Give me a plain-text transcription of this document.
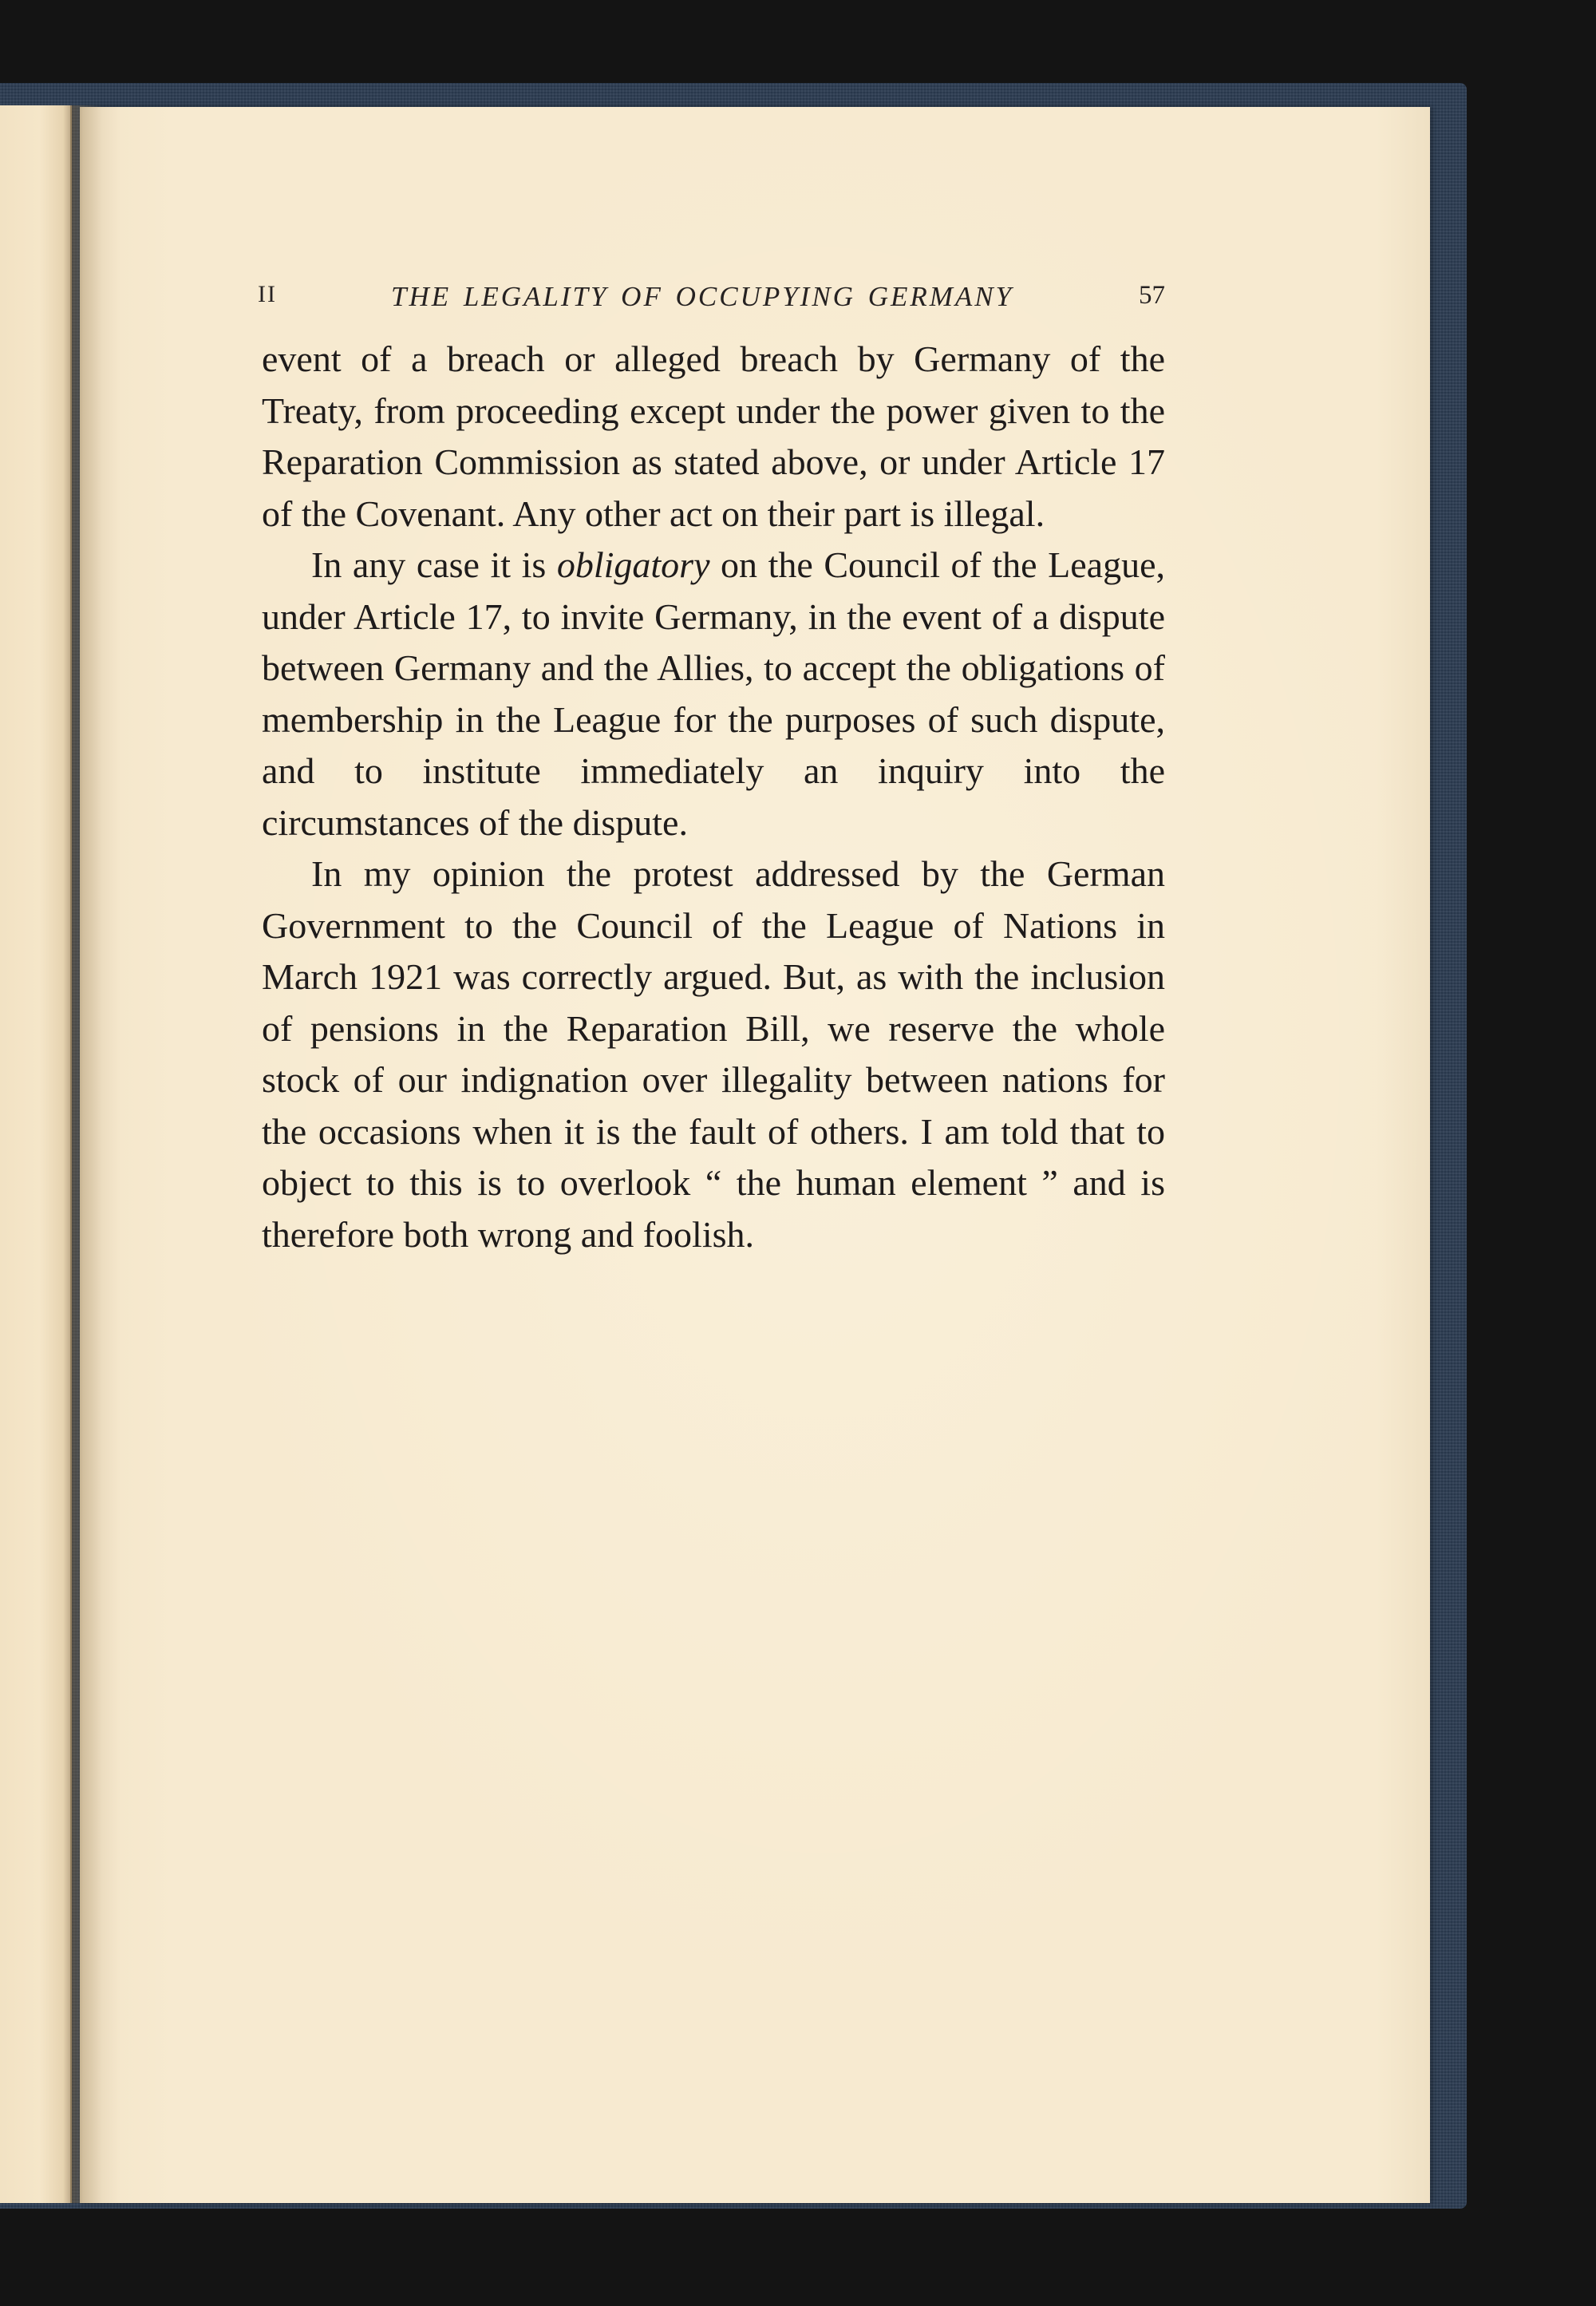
II	THE LEGALITY OF OCCUPYING GERMANY	57

event of a breach or alleged breach by Germany of the Treaty, from proceeding except under the power given to the Reparation Commission as stated above, or under Article 17 of the Covenant. Any other act on their part is illegal.

In any case it is obligatory on the Council of the League, under Article 17, to invite Germany, in the event of a dispute between Germany and the Allies, to accept the obligations of membership in the League for the purposes of such dispute, and to institute immediately an inquiry into the circumstances of the dispute.

In my opinion the protest addressed by the German Government to the Council of the League of Nations in March 1921 was correctly argued. But, as with the inclusion of pensions in the Reparation Bill, we reserve the whole stock of our indignation over illegality between nations for the occasions when it is the fault of others. I am told that to object to this is to overlook “ the human element ” and is therefore both wrong and foolish.
